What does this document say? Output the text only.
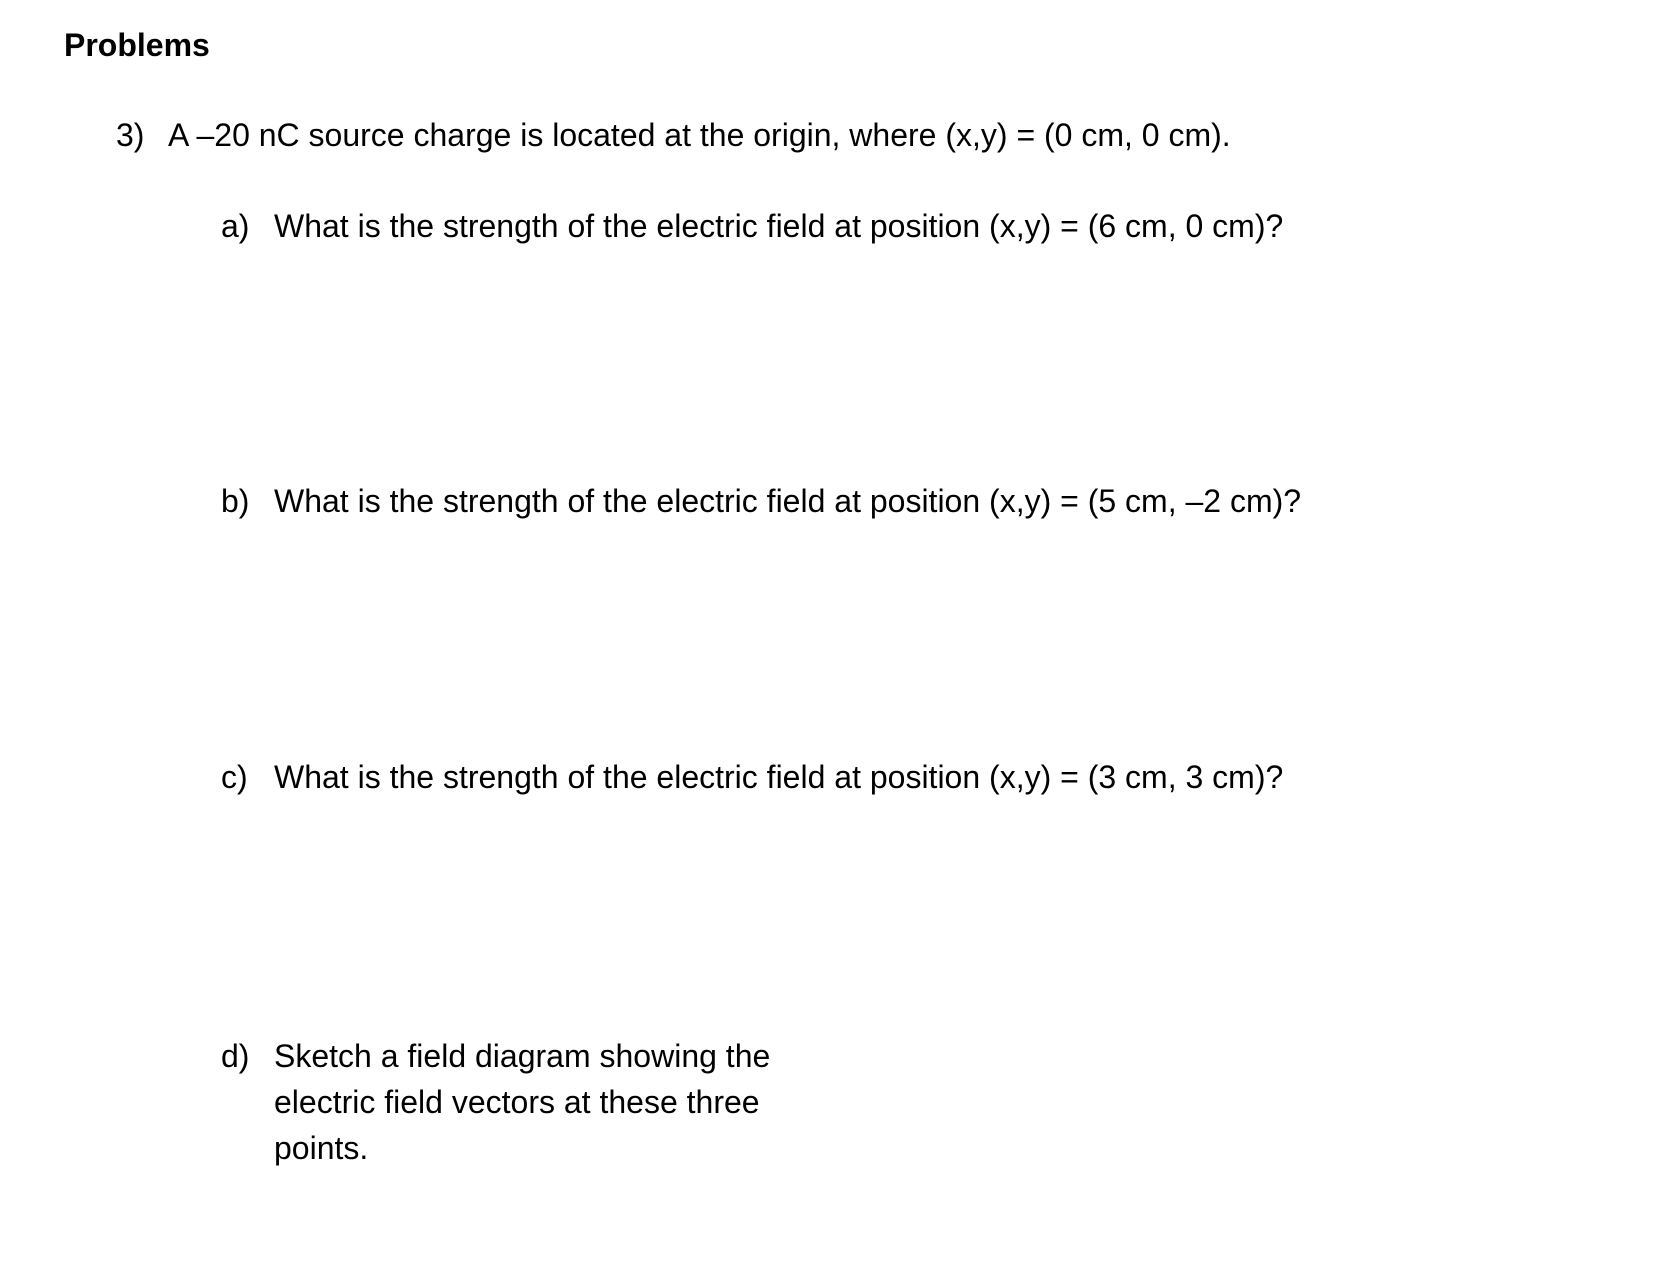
Problems
3) A –20 nC source charge is located at the origin, where (x,y) = (0 cm, 0 cm).
a) What is the strength of the electric field at position (x,y) = (6 cm, 0 cm)?
b) What is the strength of the electric field at position (x,y) = (5 cm, –2 cm)?
c) What is the strength of the electric field at position (x,y) = (3 cm, 3 cm)?
d) Sketch a field diagram showing the electric field vectors at these three points.
